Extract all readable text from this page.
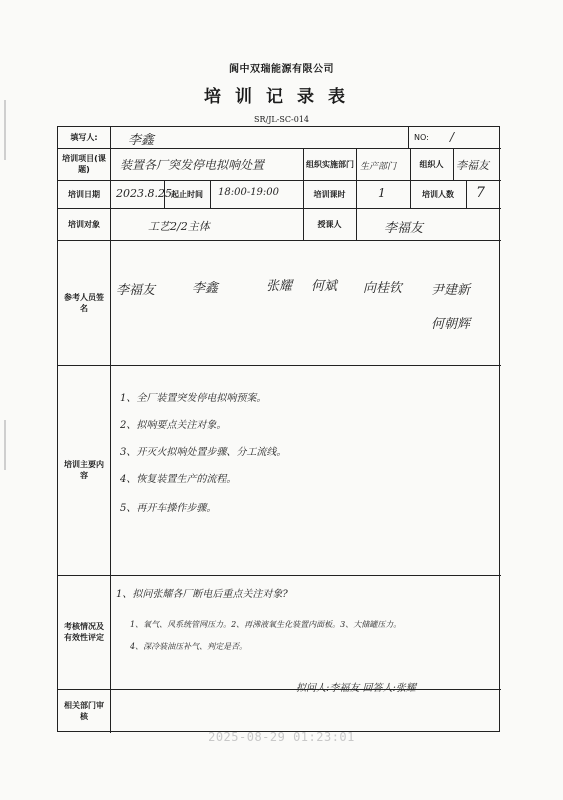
阆中双瑞能源有限公司
培训记录表
SR/JL-SC-014
填写人:	李鑫	NO:	/
培训项目(课题)	装置各厂突发停电拟响处置	组织实施部门 生产部门	组织人	李福友
培训日期	2023.8.25 起止时间	18:00-19:00	培训课时	1	培训人数	7
培训对象	工艺2/2主体	授课人	李福友
参考人员签名
李福友	李鑫	张耀 何斌 向桂钦 尹建新
何朝辉
培训主要内容
1、全厂装置突发停电拟响预案。
2、拟响要点关注对象。
3、开灭火拟响处置步骤、分工流线。
4、恢复装置生产的流程。
5、再开车操作步骤。
考核情况及有效性评定
1、拟问张耀各厂断电后重点关注对象?
1、氧气、风系统管网压力。2、再沸液氧生化装置内面板。3、大储罐压力。
4、深冷装油压补气、判定是否。
拟问人:李福友 回答人:张耀
相关部门审核
2025-08-29 01:23:01
